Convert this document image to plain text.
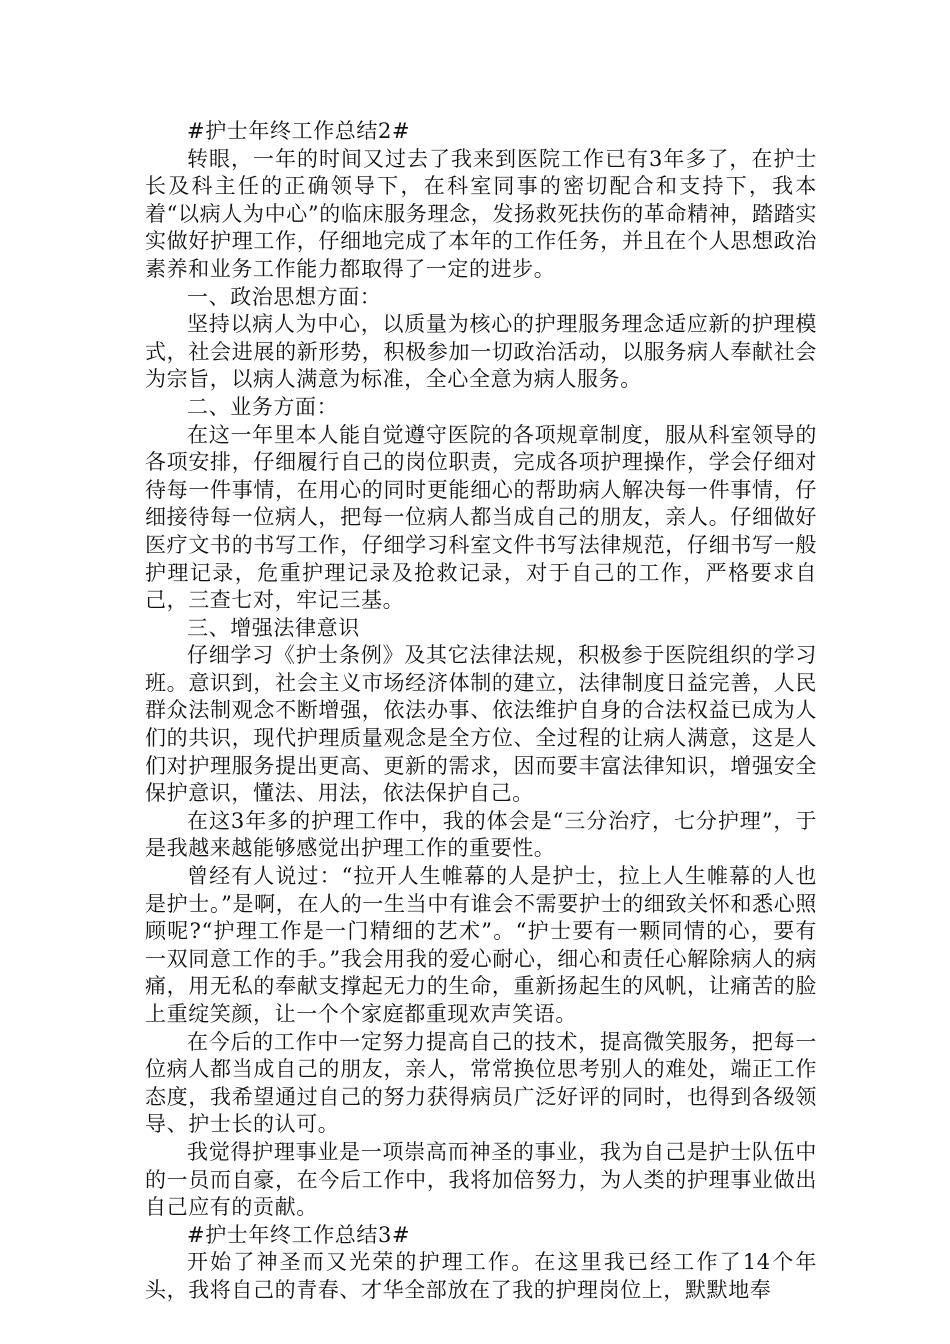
#护士年终工作总结2#

转眼，一年的时间又过去了我来到医院工作已有3年多了，在护士长及科主任的正确领导下，在科室同事的密切配合和支持下，我本着“以病人为中心”的临床服务理念，发扬救死扶伤的革命精神，踏踏实实做好护理工作，仔细地完成了本年的工作任务，并且在个人思想政治素养和业务工作能力都取得了一定的进步。

一、政治思想方面：

坚持以病人为中心，以质量为核心的护理服务理念适应新的护理模式，社会进展的新形势，积极参加一切政治活动，以服务病人奉献社会为宗旨，以病人满意为标准，全心全意为病人服务。

二、业务方面：

在这一年里本人能自觉遵守医院的各项规章制度，服从科室领导的各项安排，仔细履行自己的岗位职责，完成各项护理操作，学会仔细对待每一件事情，在用心的同时更能细心的帮助病人解决每一件事情，仔细接待每一位病人，把每一位病人都当成自己的朋友，亲人。仔细做好医疗文书的书写工作，仔细学习科室文件书写法律规范，仔细书写一般护理记录，危重护理记录及抢救记录，对于自己的工作，严格要求自己，三查七对，牢记三基。

三、增强法律意识

仔细学习《护士条例》及其它法律法规，积极参于医院组织的学习班。意识到，社会主义市场经济体制的建立，法律制度日益完善，人民群众法制观念不断增强，依法办事、依法维护自身的合法权益已成为人们的共识，现代护理质量观念是全方位、全过程的让病人满意，这是人们对护理服务提出更高、更新的需求，因而要丰富法律知识，增强安全保护意识，懂法、用法，依法保护自己。

在这3年多的护理工作中，我的体会是“三分治疗，七分护理”，于是我越来越能够感觉出护理工作的重要性。

曾经有人说过：“拉开人生帷幕的人是护士，拉上人生帷幕的人也是护士。”是啊，在人的一生当中有谁会不需要护士的细致关怀和悉心照顾呢?“护理工作是一门精细的艺术”。“护士要有一颗同情的心，要有一双同意工作的手。”我会用我的爱心耐心，细心和责任心解除病人的病痛，用无私的奉献支撑起无力的生命，重新扬起生的风帆，让痛苦的脸上重绽笑颜，让一个个家庭都重现欢声笑语。

在今后的工作中一定努力提高自己的技术，提高微笑服务，把每一位病人都当成自己的朋友，亲人，常常换位思考别人的难处，端正工作态度，我希望通过自己的努力获得病员广泛好评的同时，也得到各级领导、护士长的认可。

我觉得护理事业是一项崇高而神圣的事业，我为自己是护士队伍中的一员而自豪，在今后工作中，我将加倍努力，为人类的护理事业做出自己应有的贡献。

#护士年终工作总结3#

开始了神圣而又光荣的护理工作。在这里我已经工作了14个年头，我将自己的青春、才华全部放在了我的护理岗位上，默默地奉
